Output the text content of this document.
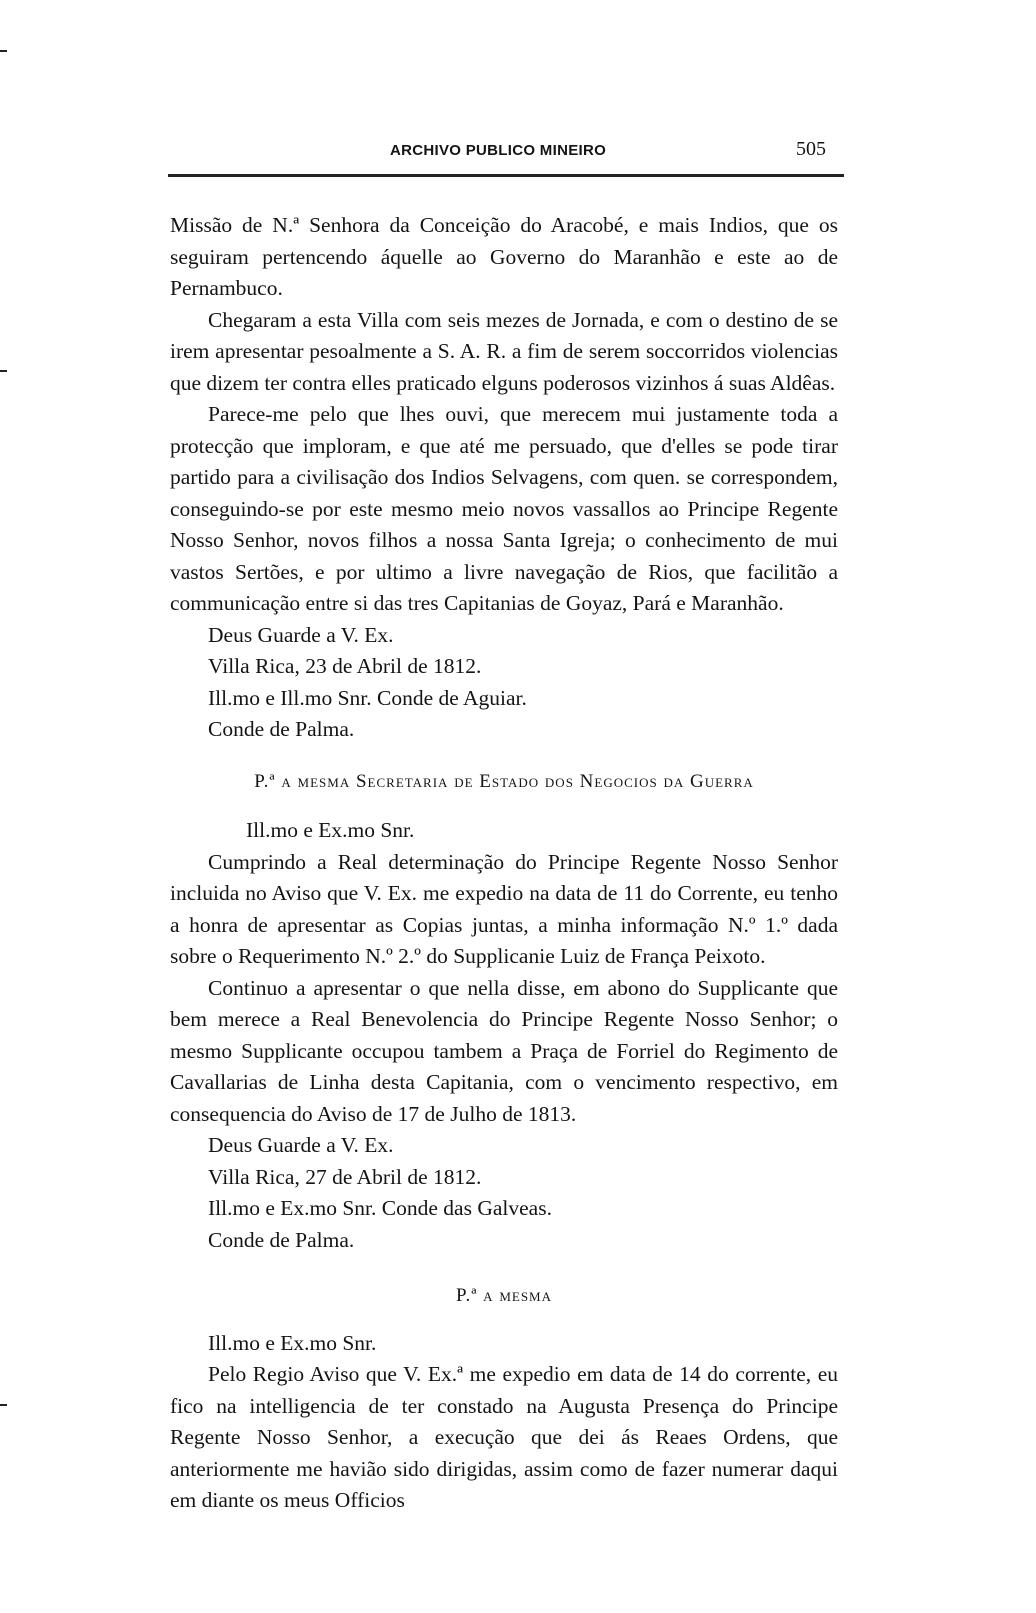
ARCHIVO PUBLICO MINEIRO	505

Missão de N.ª Senhora da Conceição do Aracobé, e mais Indios, que os seguiram pertencendo áquelle ao Governo do Maranhão e este ao de Pernambuco.

Chegaram a esta Villa com seis mezes de Jornada, e com o destino de se irem apresentar pesoalmente a S. A. R. a fim de serem soccorridos violencias que dizem ter contra elles praticado elguns poderosos vizinhos á suas Aldêas.

Parece-me pelo que lhes ouvi, que merecem mui justamente toda a protecção que imploram, e que até me persuado, que d'elles se pode tirar partido para a civilisação dos Indios Selvagens, com quen. se correspondem, conseguindo-se por este mesmo meio novos vassallos ao Principe Regente Nosso Senhor, novos filhos a nossa Santa Igreja; o conhecimento de mui vastos Sertões, e por ultimo a livre navegação de Rios, que facilitão a communicação entre si das tres Capitanias de Goyaz, Pará e Maranhão.

Deus Guarde a V. Ex.

Villa Rica, 23 de Abril de 1812.

Ill.mo e Ill.mo Snr. Conde de Aguiar.

Conde de Palma.

P.ª a mesma Secretaria de Estado dos Negocios da Guerra

Ill.mo e Ex.mo Snr.

Cumprindo a Real determinação do Principe Regente Nosso Senhor incluida no Aviso que V. Ex. me expedio na data de 11 do Corrente, eu tenho a honra de apresentar as Copias juntas, a minha informação N.º 1.º dada sobre o Requerimento N.º 2.º do Supplicanie Luiz de França Peixoto.

Continuo a apresentar o que nella disse, em abono do Supplicante que bem merece a Real Benevolencia do Principe Regente Nosso Senhor; o mesmo Supplicante occupou tambem a Praça de Forriel do Regimento de Cavallarias de Linha desta Capitania, com o vencimento respectivo, em consequencia do Aviso de 17 de Julho de 1813.

Deus Guarde a V. Ex.

Villa Rica, 27 de Abril de 1812.

Ill.mo e Ex.mo Snr. Conde das Galveas.

Conde de Palma.

P.ª a mesma

Ill.mo e Ex.mo Snr.

Pelo Regio Aviso que V. Ex.ª me expedio em data de 14 do corrente, eu fico na intelligencia de ter constado na Augusta Presença do Principe Regente Nosso Senhor, a execução que dei ás Reaes Ordens, que anteriormente me havião sido dirigidas, assim como de fazer numerar daqui em diante os meus Officios
